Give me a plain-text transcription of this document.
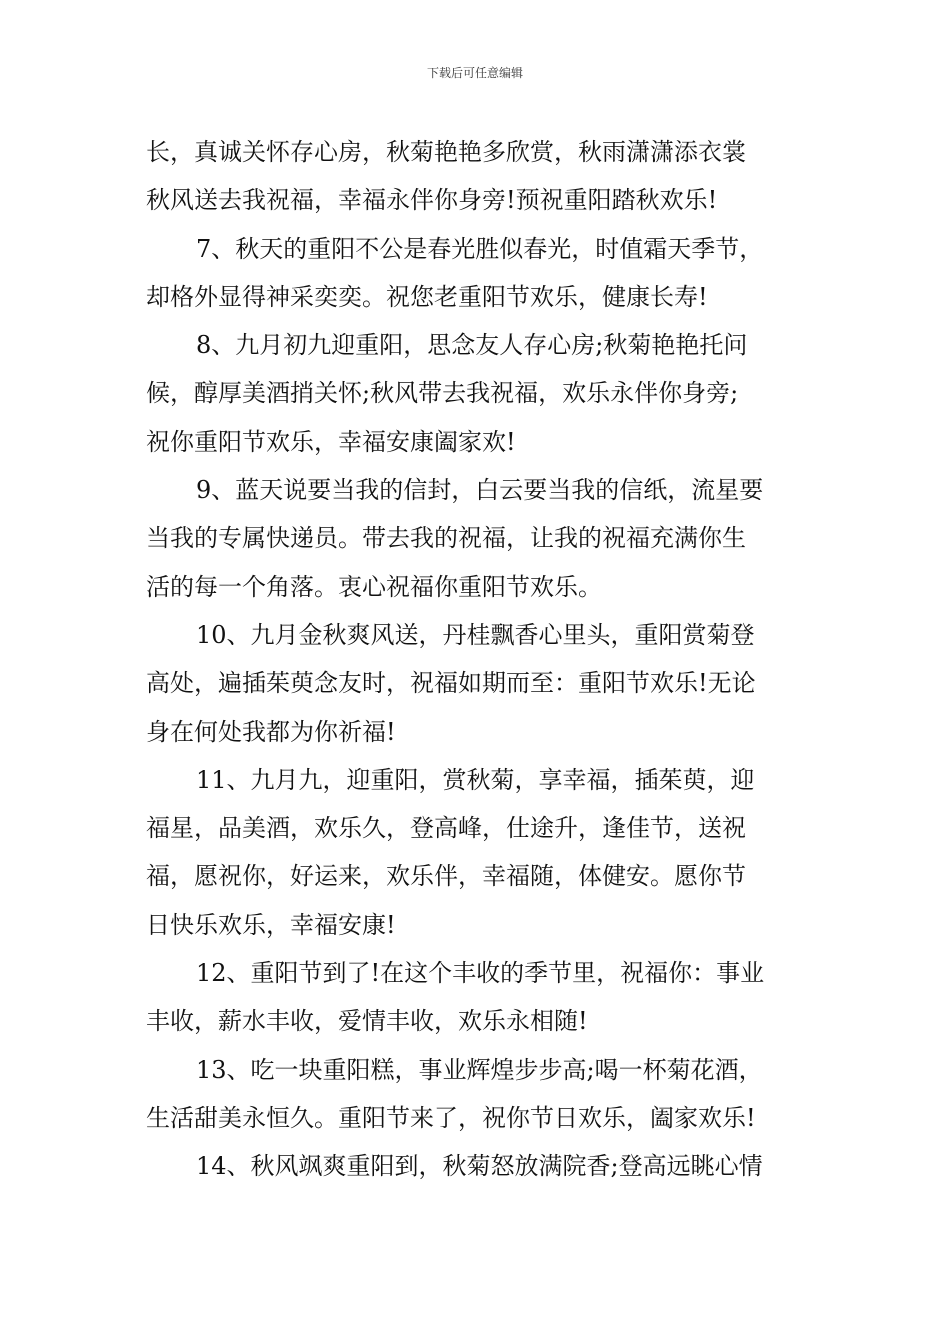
下载后可任意编辑
长，真诚关怀存心房，秋菊艳艳多欣赏，秋雨潇潇添衣裳
秋风送去我祝福，幸福永伴你身旁!预祝重阳踏秋欢乐!
7、秋天的重阳不公是春光胜似春光，时值霜天季节，
却格外显得神采奕奕。祝您老重阳节欢乐，健康长寿!
8、九月初九迎重阳，思念友人存心房;秋菊艳艳托问
候，醇厚美酒捎关怀;秋风带去我祝福，欢乐永伴你身旁;
祝你重阳节欢乐，幸福安康阖家欢!
9、蓝天说要当我的信封，白云要当我的信纸，流星要
当我的专属快递员。带去我的祝福，让我的祝福充满你生
活的每一个角落。衷心祝福你重阳节欢乐。
10、九月金秋爽风送，丹桂飘香心里头，重阳赏菊登
高处，遍插茱萸念友时，祝福如期而至：重阳节欢乐!无论
身在何处我都为你祈福!
11、九月九，迎重阳，赏秋菊，享幸福，插茱萸，迎
福星，品美酒，欢乐久，登高峰，仕途升，逢佳节，送祝
福，愿祝你，好运来，欢乐伴，幸福随，体健安。愿你节
日快乐欢乐，幸福安康!
12、重阳节到了!在这个丰收的季节里，祝福你：事业
丰收，薪水丰收，爱情丰收，欢乐永相随!
13、吃一块重阳糕，事业辉煌步步高;喝一杯菊花酒，
生活甜美永恒久。重阳节来了，祝你节日欢乐，阖家欢乐!
14、秋风飒爽重阳到，秋菊怒放满院香;登高远眺心情
